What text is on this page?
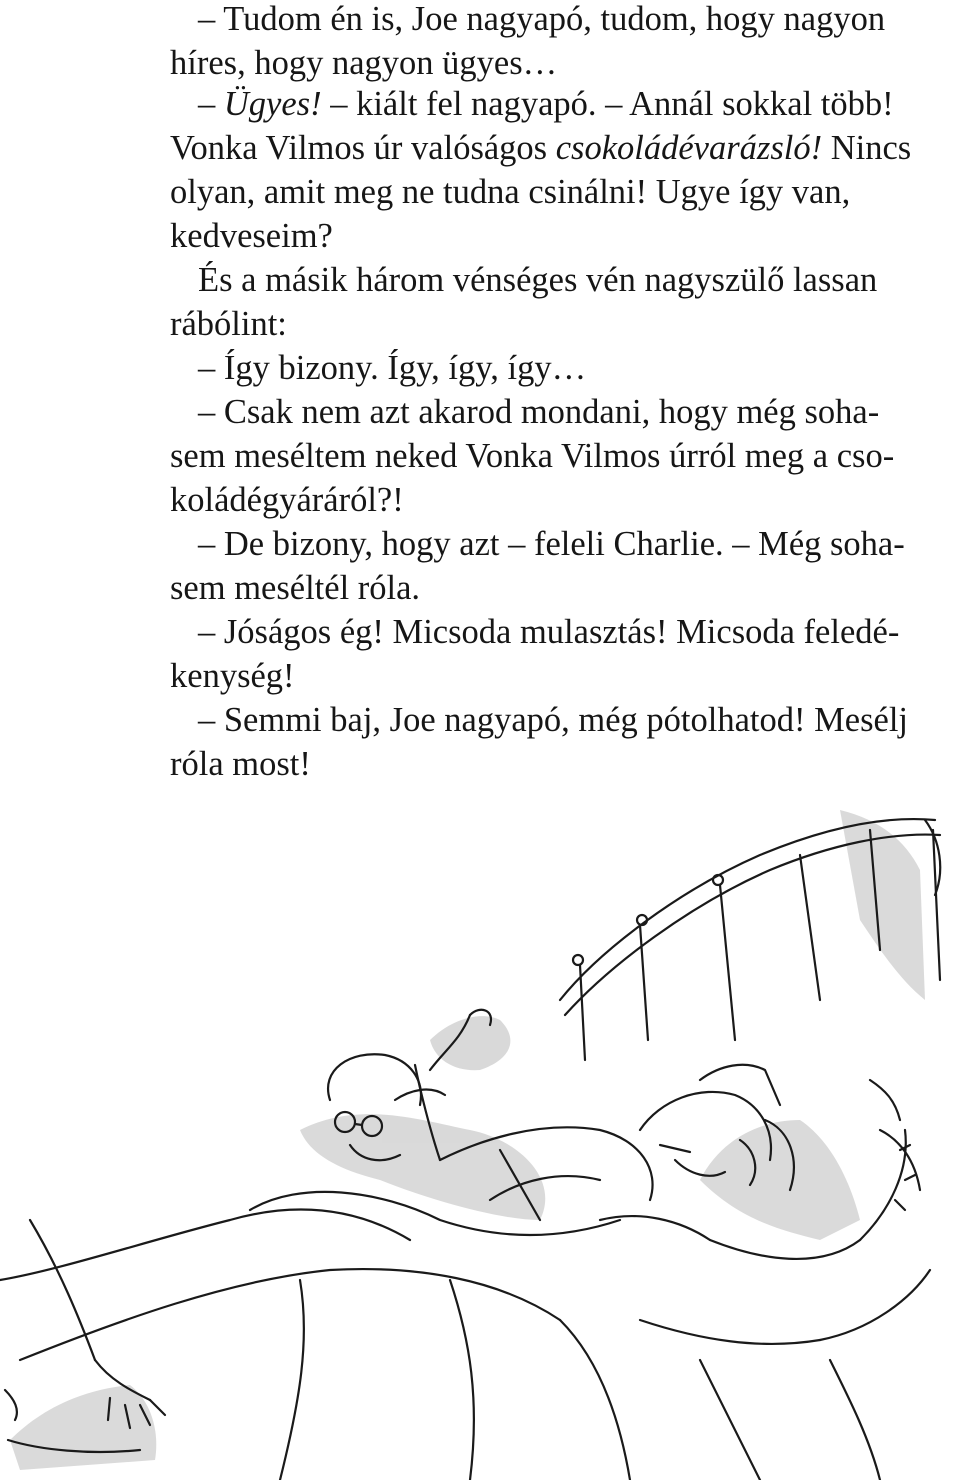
– Tudom én is, Joe nagyapó, tudom, hogy nagyon
híres, hogy nagyon ügyes…
– Ügyes! – kiált fel nagyapó. – Annál sokkal több!
Vonka Vilmos úr valóságos csokoládévarázsló! Nincs
olyan, amit meg ne tudna csinálni! Ugye így van,
kedveseim?
És a másik három vénséges vén nagyszülő lassan
rábólint:
– Így bizony. Így, így, így…
– Csak nem azt akarod mondani, hogy még soha-
sem meséltem neked Vonka Vilmos úrról meg a cso-
koládégyáráról?!
– De bizony, hogy azt – feleli Charlie. – Még soha-
sem meséltél róla.
– Jóságos ég! Micsoda mulasztás! Micsoda feledé-
kenység!
– Semmi baj, Joe nagyapó, még pótolhatod! Mesélj
róla most!
